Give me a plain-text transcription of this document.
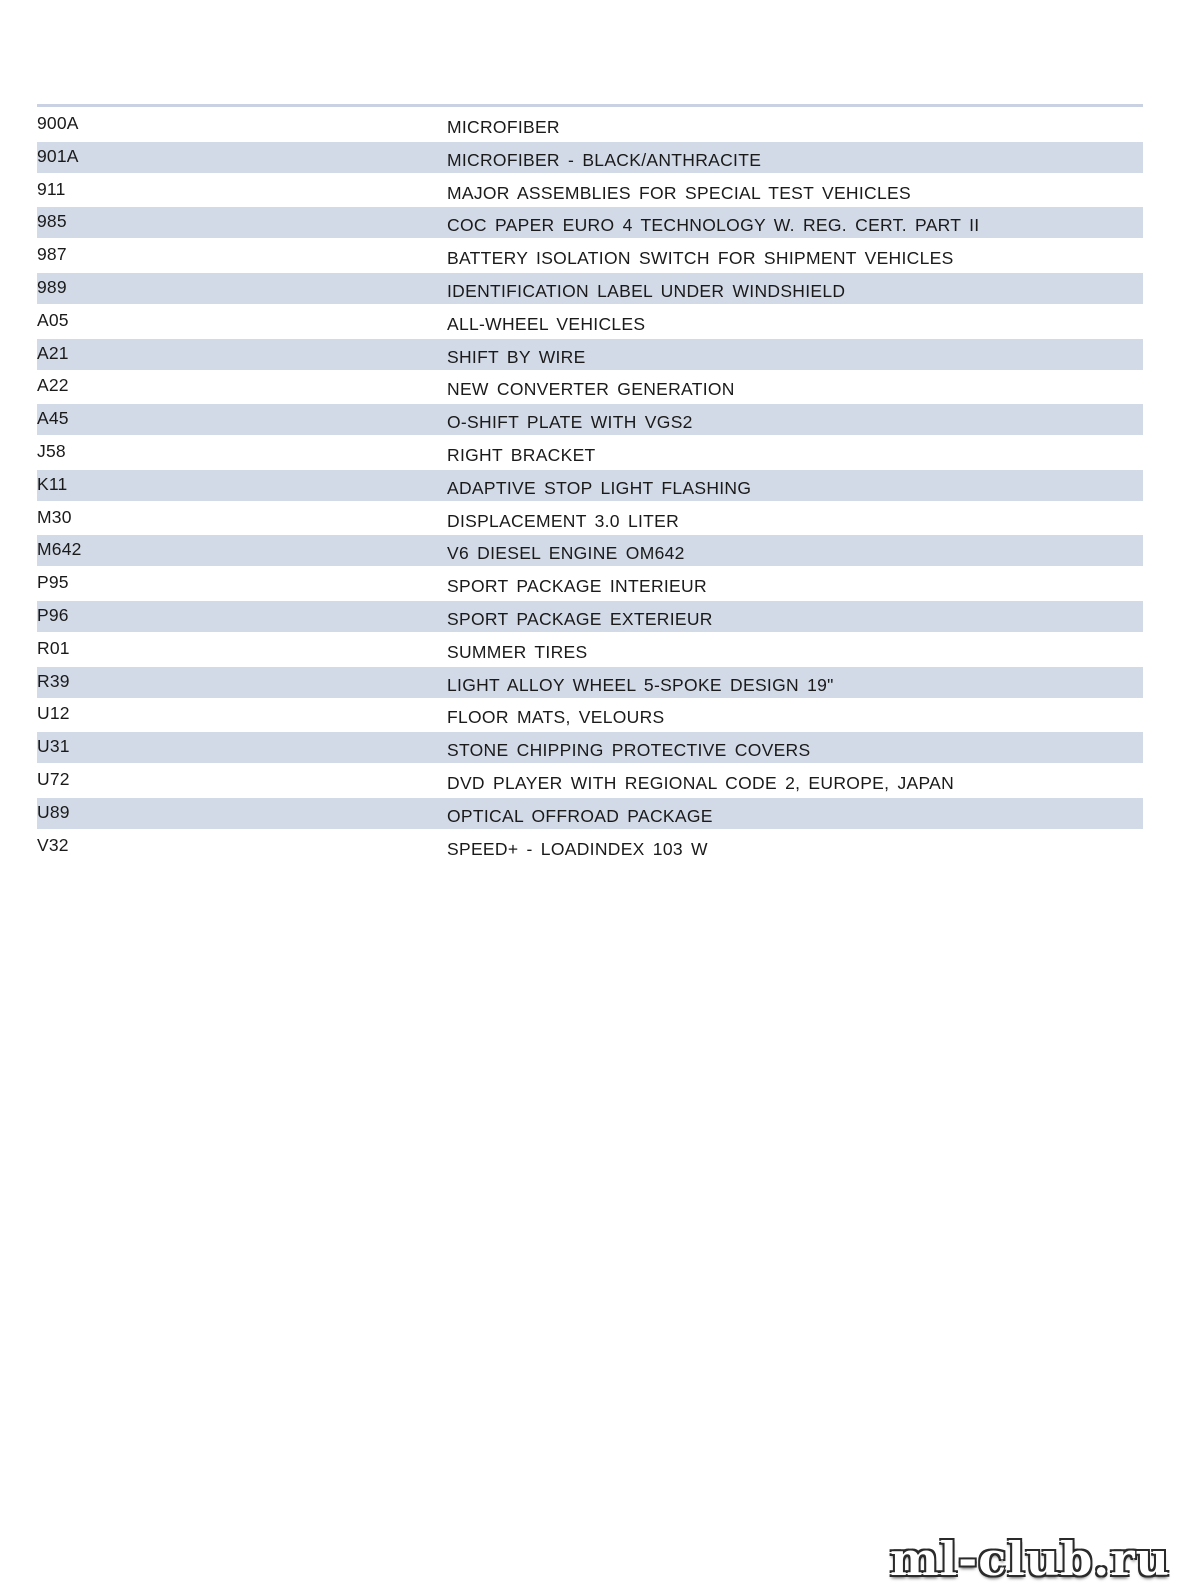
900A	MICROFIBER
901A	MICROFIBER - BLACK/ANTHRACITE
911	MAJOR ASSEMBLIES FOR SPECIAL TEST VEHICLES
985	COC PAPER EURO 4 TECHNOLOGY W. REG. CERT. PART II
987	BATTERY ISOLATION SWITCH FOR SHIPMENT VEHICLES
989	IDENTIFICATION LABEL UNDER WINDSHIELD
A05	ALL-WHEEL VEHICLES
A21	SHIFT BY WIRE
A22	NEW CONVERTER GENERATION
A45	O-SHIFT PLATE WITH VGS2
J58	RIGHT BRACKET
K11	ADAPTIVE STOP LIGHT FLASHING
M30	DISPLACEMENT 3.0 LITER
M642	V6 DIESEL ENGINE OM642
P95	SPORT PACKAGE INTERIEUR
P96	SPORT PACKAGE EXTERIEUR
R01	SUMMER TIRES
R39	LIGHT ALLOY WHEEL 5-SPOKE DESIGN 19"
U12	FLOOR MATS, VELOURS
U31	STONE CHIPPING PROTECTIVE COVERS
U72	DVD PLAYER WITH REGIONAL CODE 2, EUROPE, JAPAN
U89	OPTICAL OFFROAD PACKAGE
V32	SPEED+ - LOADINDEX 103 W
ml-club.ru
